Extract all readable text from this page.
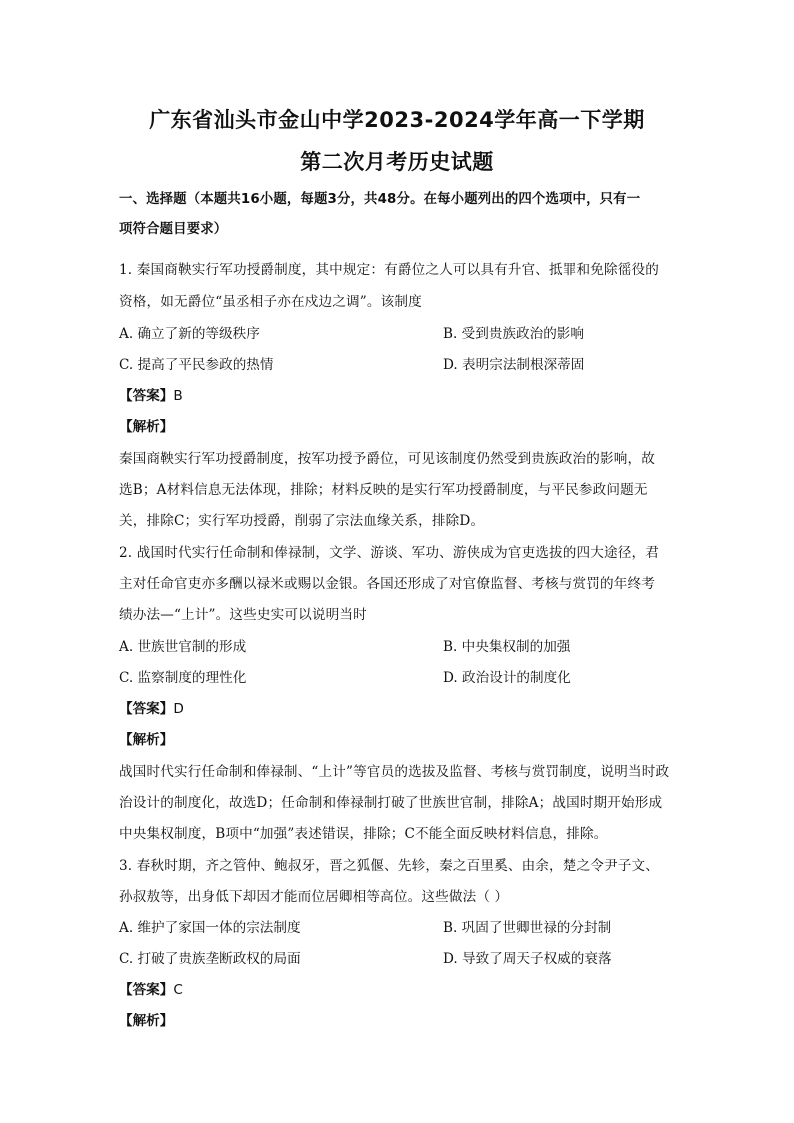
广东省汕头市金山中学2023-2024学年高一下学期
第二次月考历史试题
一、选择题（本题共16小题，每题3分，共48分。在每小题列出的四个选项中，只有一
项符合题目要求）
1. 秦国商鞅实行军功授爵制度，其中规定：有爵位之人可以具有升官、抵罪和免除徭役的
资格，如无爵位“虽丞相子亦在戍边之调”。该制度
A. 确立了新的等级秩序	B. 受到贵族政治的影响
C. 提高了平民参政的热情	D. 表明宗法制根深蒂固
【答案】B
【解析】
秦国商鞅实行军功授爵制度，按军功授予爵位，可见该制度仍然受到贵族政治的影响，故
选B；A材料信息无法体现，排除；材料反映的是实行军功授爵制度，与平民参政问题无
关，排除C；实行军功授爵，削弱了宗法血缘关系，排除D。
2. 战国时代实行任命制和俸禄制，文学、游谈、军功、游侠成为官吏选拔的四大途径，君
主对任命官吏亦多酬以禄米或赐以金银。各国还形成了对官僚监督、考核与赏罚的年终考
绩办法—“上计”。这些史实可以说明当时
A. 世族世官制的形成	B. 中央集权制的加强
C. 监察制度的理性化	D. 政治设计的制度化
【答案】D
【解析】
战国时代实行任命制和俸禄制、“上计”等官员的选拔及监督、考核与赏罚制度，说明当时政
治设计的制度化，故选D；任命制和俸禄制打破了世族世官制，排除A；战国时期开始形成
中央集权制度，B项中“加强”表述错误，排除；C不能全面反映材料信息，排除。
3. 春秋时期，齐之管仲、鲍叔牙，晋之狐偃、先轸，秦之百里奚、由余，楚之令尹子文、
孙叔敖等，出身低下却因才能而位居卿相等高位。这些做法（ ）
A. 维护了家国一体的宗法制度	B. 巩固了世卿世禄的分封制
C. 打破了贵族垄断政权的局面	D. 导致了周天子权威的衰落
【答案】C
【解析】
